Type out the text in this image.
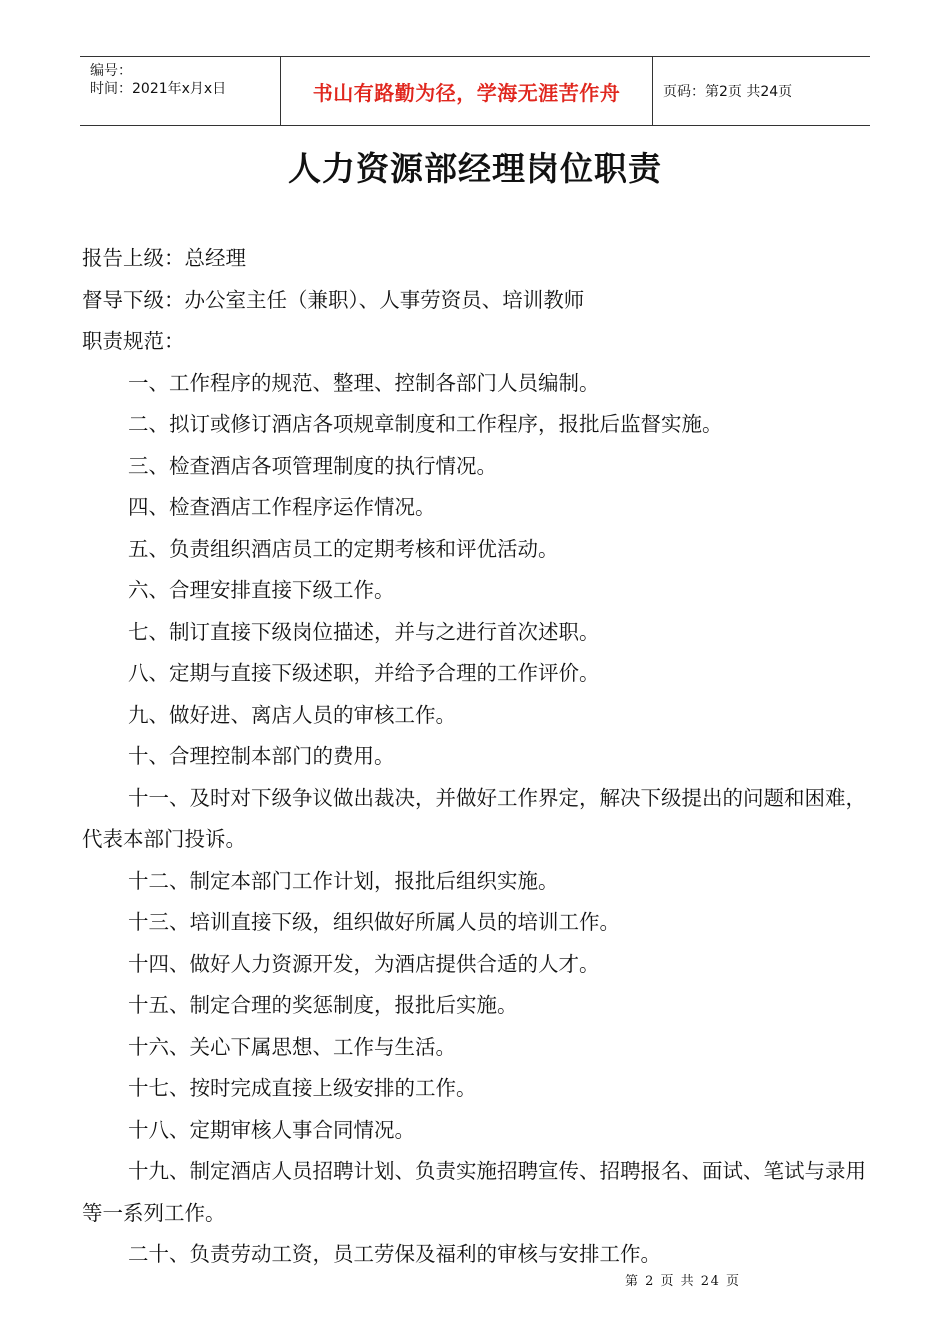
编号：
时间：2021年x月x日	书山有路勤为径，学海无涯苦作舟	页码：第2页 共24页
人力资源部经理岗位职责

报告上级：总经理

督导下级：办公室主任（兼职）、人事劳资员、培训教师

职责规范：

一、工作程序的规范、整理、控制各部门人员编制。

二、拟订或修订酒店各项规章制度和工作程序，报批后监督实施。

三、检查酒店各项管理制度的执行情况。

四、检查酒店工作程序运作情况。

五、负责组织酒店员工的定期考核和评优活动。

六、合理安排直接下级工作。

七、制订直接下级岗位描述，并与之进行首次述职。

八、定期与直接下级述职，并给予合理的工作评价。

九、做好进、离店人员的审核工作。

十、合理控制本部门的费用。

十一、及时对下级争议做出裁决，并做好工作界定，解决下级提出的问题和困难，代表本部门投诉。

十二、制定本部门工作计划，报批后组织实施。

十三、培训直接下级，组织做好所属人员的培训工作。

十四、做好人力资源开发，为酒店提供合适的人才。

十五、制定合理的奖惩制度，报批后实施。

十六、关心下属思想、工作与生活。

十七、按时完成直接上级安排的工作。

十八、定期审核人事合同情况。

十九、制定酒店人员招聘计划、负责实施招聘宣传、招聘报名、面试、笔试与录用等一系列工作。

二十、负责劳动工资，员工劳保及福利的审核与安排工作。

第 2 页 共 24 页
